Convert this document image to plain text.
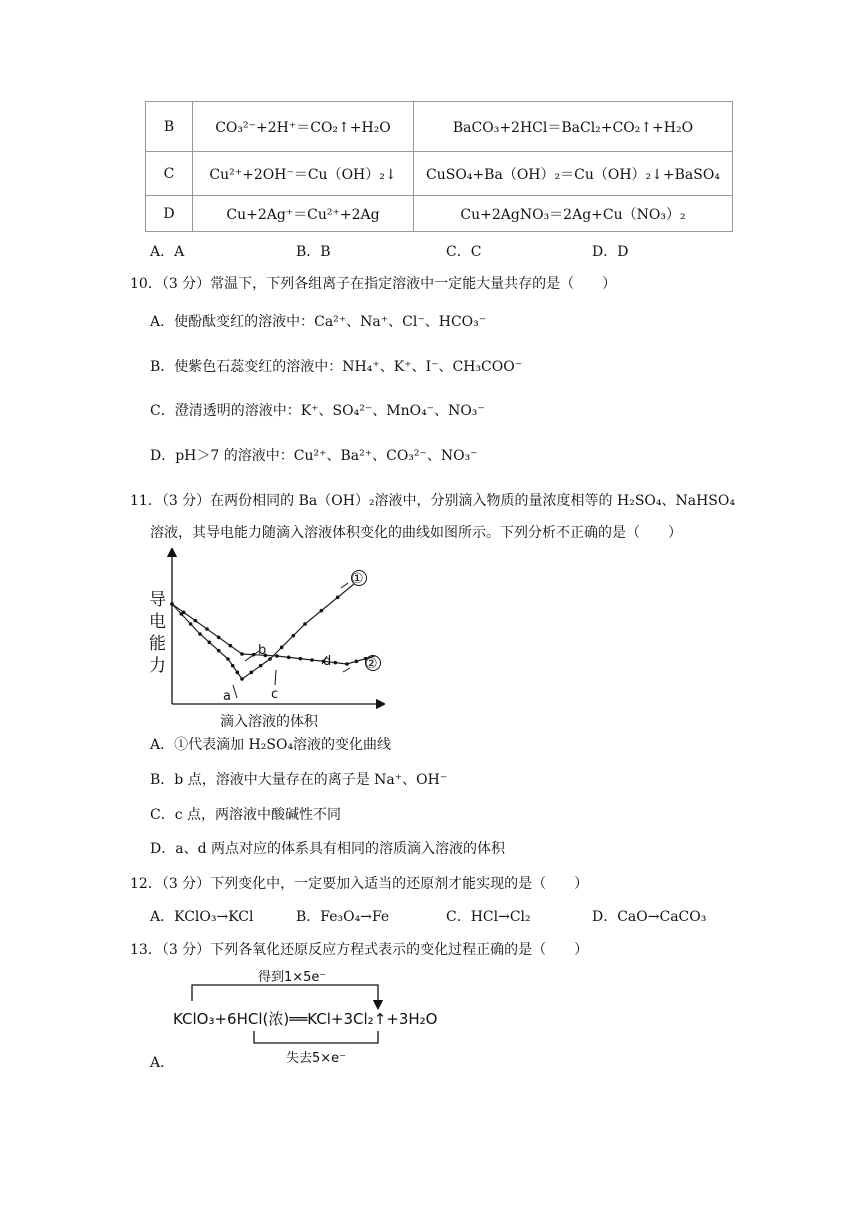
B	CO₃²⁻+2H⁺＝CO₂↑+H₂O	BaCO₃+2HCl＝BaCl₂+CO₂↑+H₂O
C	Cu²⁺+2OH⁻＝Cu（OH）₂↓	CuSO₄+Ba（OH）₂＝Cu（OH）₂↓+BaSO₄
D	Cu+2Ag⁺＝Cu²⁺+2Ag	Cu+2AgNO₃＝2Ag+Cu（NO₃）₂
A．A	B．B	C．C	D．D
10．（3 分）常温下，下列各组离子在指定溶液中一定能大量共存的是（　　）
A．使酚酞变红的溶液中：Ca²⁺、Na⁺、Cl⁻、HCO₃⁻
B．使紫色石蕊变红的溶液中：NH₄⁺、K⁺、I⁻、CH₃COO⁻
C．澄清透明的溶液中：K⁺、SO₄²⁻、MnO₄⁻、NO₃⁻
D．pH＞7 的溶液中：Cu²⁺、Ba²⁺、CO₃²⁻、NO₃⁻
11．（3 分）在两份相同的 Ba（OH）₂溶液中，分别滴入物质的量浓度相等的 H₂SO₄、NaHSO₄
溶液，其导电能力随滴入溶液体积变化的曲线如图所示。下列分析不正确的是（　　）
导
电
能
力
滴入溶液的体积
a
b
c
d
①
②
A．①代表滴加 H₂SO₄溶液的变化曲线
B．b 点，溶液中大量存在的离子是 Na⁺、OH⁻
C．c 点，两溶液中酸碱性不同
D．a、d 两点对应的体系具有相同的溶质滴入溶液的体积
12．（3 分）下列变化中，一定要加入适当的还原剂才能实现的是（　　）
A．KClO₃→KCl	B．Fe₃O₄→Fe	C．HCl→Cl₂	D．CaO→CaCO₃
13．（3 分）下列各氧化还原反应方程式表示的变化过程正确的是（　　）
得到1×5e⁻
KClO₃+6HCl(浓)══KCl+3Cl₂↑+3H₂O
失去5×e⁻
A．
